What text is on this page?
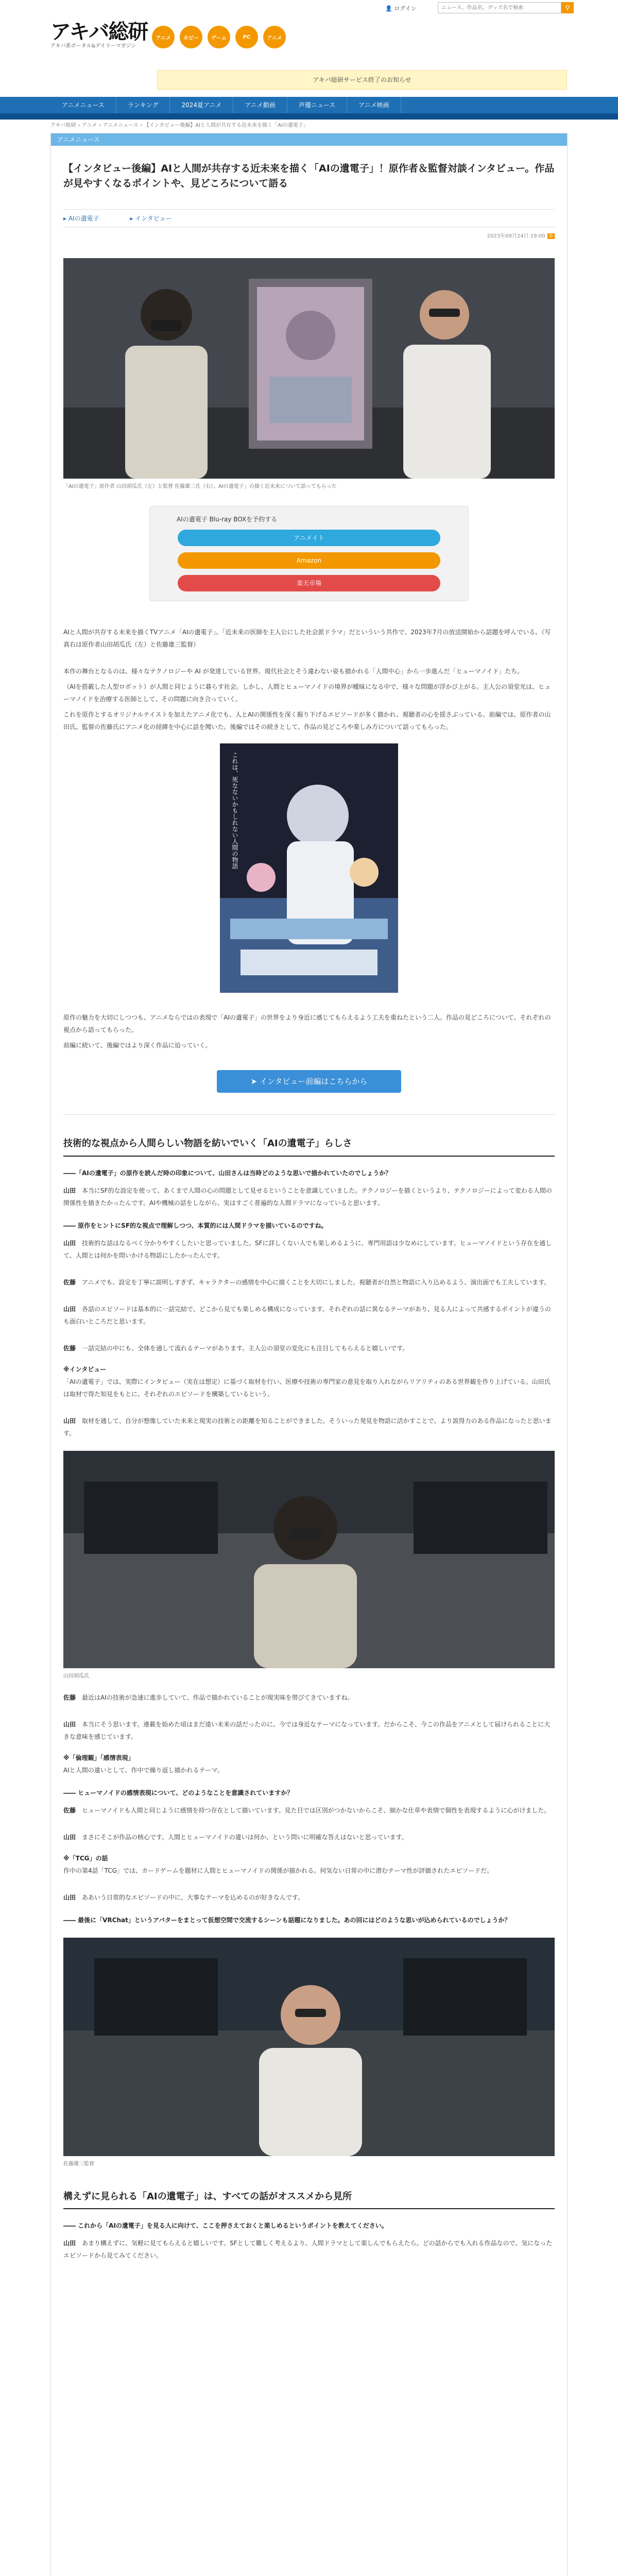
アキバ総研
アキバ系ポータル&デイリーマガジン
アニメ	ホビー	ゲーム	PC	アニメ
👤 ログイン
ニュース、作品名、グッズ名で検索	⚲
アキバ総研サービス終了のお知らせ
アニメニュース	ランキング	2024夏アニメ	アニメ動画	声優ニュース	アニメ映画
アキバ総研 › アニメ › アニメニュース › 【インタビュー後編】AIと人間が共存する近未来を描く「AIの遺電子」
アニメニュース
【インタビュー後編】AIと人間が共存する近未来を描く「AIの遺電子」！原作者＆監督対談インタビュー。作品が見やすくなるポイントや、見どころについて語る
2023年09月24日 19:00 0
▸ AIの遺電子	▸ インタビュー
「AIの遺電子」原作者 山田胡瓜氏（左）と監督 佐藤雄三氏（右）。AIの遺電子」の描く近未来について語ってもらった
AIの遺電子 Blu-ray BOXを予約する
アニメイト
Amazon
楽天市場

AIと人間が共存する未来を描くTVアニメ「AIの遺電子」。「近未来の医師を主人公にした社会派ドラマ」だといういう共作で、2023年7月の放送開始から話題を呼んでいる。（写真右は原作者山田胡瓜氏（左）と佐藤雄三監督）

本作の舞台となるのは、様々なテクノロジーや AI が発達している世界。現代社会とそう違わない姿も描かれる「人間中心」から一歩進んだ「ヒューマノイド」たち。

（AIを搭載した人型ロボット）が人間と同じように暮らす社会。しかし、人間とヒューマノイドの境界が曖昧になる中で、様々な問題が浮かび上がる。主人公の須堂光は、ヒューマノイドを治療する医師として、その問題に向き合っていく。

これを原作とするオリジナルテイストを加えたアニメ化でも、人とAIの関係性を深く掘り下げるエピソードが多く描かれ、視聴者の心を揺さぶっている。前編では、原作者の山田氏、監督の佐藤氏にアニメ化の経緯を中心に話を聞いた。後編ではその続きとして、作品の見どころや楽しみ方について語ってもらった。

これは、死なないかもしれない人間の物語

原作の魅力を大切にしつつも、アニメならではの表現で「AIの遺電子」の世界をより身近に感じてもらえるよう工夫を重ねたという二人。作品の見どころについて、それぞれの視点から語ってもらった。

前編に続いて、後編ではより深く作品に迫っていく。

➤ インタビュー前編はこちらから
技術的な視点から人間らしい物語を紡いでいく「AIの遺電子」らしさ
――「AIの遺電子」の原作を読んだ時の印象について、山田さんは当時どのような思いで描かれていたのでしょうか？

山田　 本当にSF的な設定を使って、あくまで人間の心の問題として見せるということを意識していました。テクノロジーを描くというより、テクノロジーによって変わる人間の関係性を描きたかったんです。AIや機械の話をしながら、実はすごく普遍的な人間ドラマになっていると思います。

―― 原作をヒントにSF的な視点で理解しつつ、本質的には人間ドラマを描いているのですね。

山田　 技術的な話はなるべく分かりやすくしたいと思っていました。SFに詳しくない人でも楽しめるように、専門用語は少なめにしています。ヒューマノイドという存在を通して、人間とは何かを問いかける物語にしたかったんです。

佐藤　 アニメでも、設定を丁寧に説明しすぎず、キャラクターの感情を中心に描くことを大切にしました。視聴者が自然と物語に入り込めるよう、演出面でも工夫しています。

山田　 各話のエピソードは基本的に一話完結で、どこから見ても楽しめる構成になっています。それぞれの話に異なるテーマがあり、見る人によって共感するポイントが違うのも面白いところだと思います。

佐藤　 一話完結の中にも、全体を通して流れるテーマがあります。主人公の須堂の変化にも注目してもらえると嬉しいです。

※インタビュー

「AIの遺電子」では、実際にインタビュー（実在は想定）に基づく取材を行い、医療や技術の専門家の意見を取り入れながらリアリティのある世界観を作り上げている。山田氏は取材で得た知見をもとに、それぞれのエピソードを構築しているという。

山田　 取材を通して、自分が想像していた未来と現実の技術との距離を知ることができました。そういった発見を物語に活かすことで、より説得力のある作品になったと思います。

山田胡瓜氏

佐藤　 最近はAIの技術が急速に進歩していて、作品で描かれていることが現実味を帯びてきていますね。

山田　 本当にそう思います。連載を始めた頃はまだ遠い未来の話だったのに、今では身近なテーマになっています。だからこそ、今この作品をアニメとして届けられることに大きな意味を感じています。

※「倫理観」「感情表現」

AIと人間の違いとして、作中で繰り返し描かれるテーマ。

―― ヒューマノイドの感情表現について、どのようなことを意識されていますか？

佐藤　 ヒューマノイドも人間と同じように感情を持つ存在として描いています。見た目では区別がつかないからこそ、細かな仕草や表情で個性を表現するように心がけました。

山田　 まさにそこが作品の核心です。人間とヒューマノイドの違いは何か、という問いに明確な答えはないと思っています。

※「TCG」の話

作中の第4話「TCG」では、カードゲームを題材に人間とヒューマノイドの関係が描かれる。何気ない日常の中に潜むテーマ性が評価されたエピソードだ。

山田　 ああいう日常的なエピソードの中に、大事なテーマを込めるのが好きなんです。

―― 最後に「VRChat」というアバターをまとって仮想空間で交流するシーンも話題になりました。あの回にはどのような思いが込められているのでしょうか？
佐藤雄三監督
構えずに見られる「AIの遺電子」は、すべての話がオススメから見所
―― これから「AIの遺電子」を見る人に向けて、ここを押さえておくと楽しめるというポイントを教えてください。

山田　 あまり構えずに、気軽に見てもらえると嬉しいです。SFとして難しく考えるより、人間ドラマとして楽しんでもらえたら。どの話からでも入れる作品なので、気になったエピソードから見てみてください。
